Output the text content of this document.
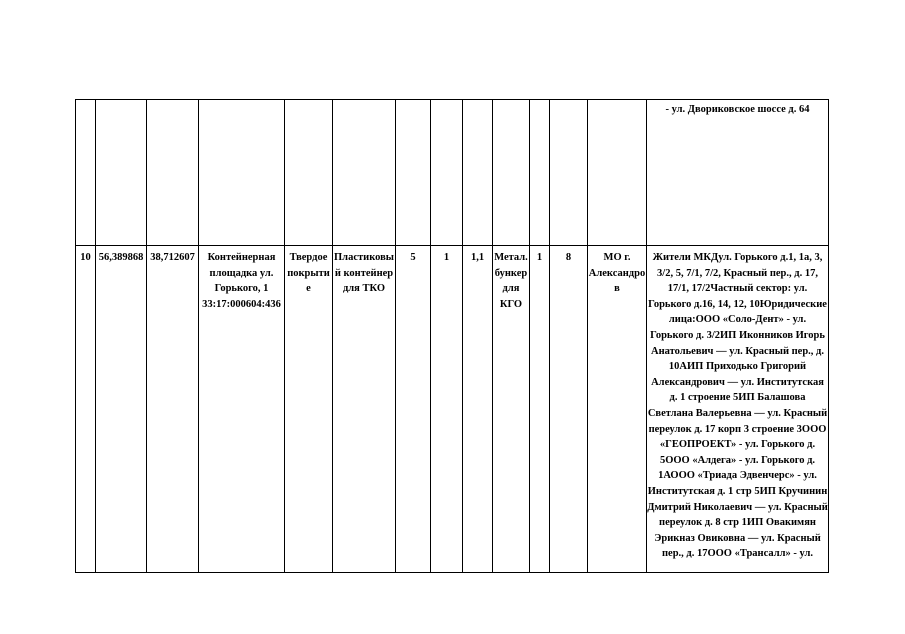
													- ул. Двориковское шоссе д. 64
10	56,389868	38,712607	Контейнерная площадка ул. Горького, 1 33:17:000604:436	Твердое покрытие	Пластиковый контейнер для ТКО	5	1	1,1	Метал. бункер для КГО	1	8	МО г. Александров	Жители МКДул. Горького д.1, 1а, 3, 3/2, 5, 7/1, 7/2, Красный пер., д. 17, 17/1, 17/2Частный сектор: ул. Горького д.16, 14, 12, 10Юридические лица:ООО «Соло-Дент» - ул. Горького д. 3/2ИП Иконников Игорь Анатольевич — ул. Красный пер., д. 10АИП Приходько Григорий Александрович — ул. Институтская д. 1 строение 5ИП Балашова Светлана Валерьевна — ул. Красный переулок д. 17 корп 3 строение 3ООО «ГЕОПРОЕКТ» - ул. Горького д. 5ООО «Алдега» - ул. Горького д. 1АООО «Триада Эдвенчерс» - ул. Институтская д. 1 стр 5ИП Кручинин Дмитрий Николаевич — ул. Красный переулок д. 8 стр 1ИП Овакимян Эрикназ Овиковна — ул. Красный пер., д. 17ООО «Трансалл» - ул.
